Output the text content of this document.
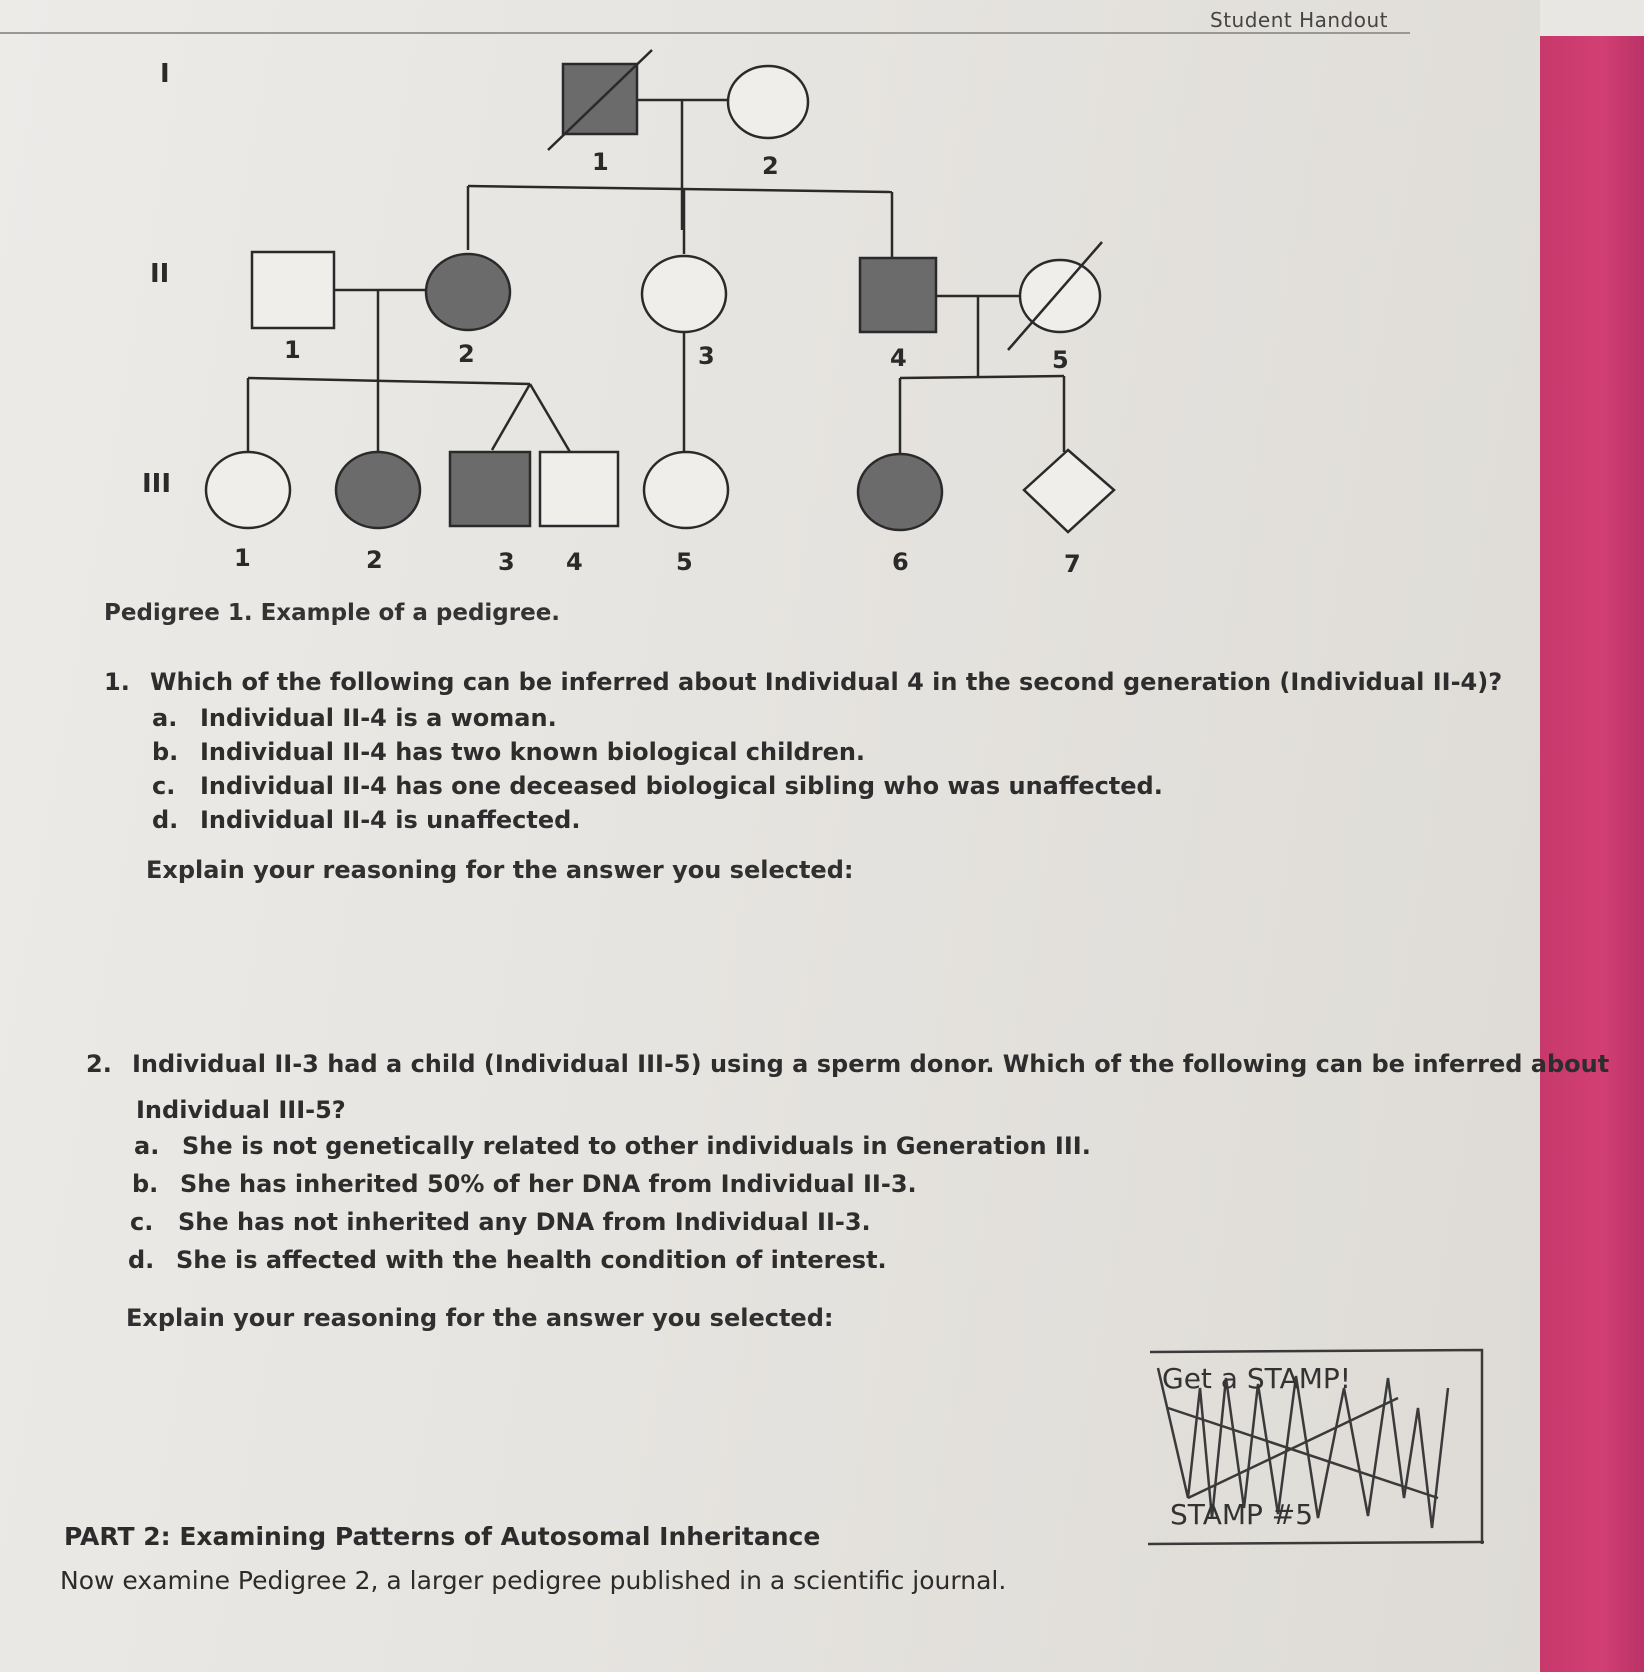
Student Handout
I
II
III
1	2
1	2	3	4	5
1	2	3 4	5	6	7
Pedigree 1. Example of a pedigree.
1. Which of the following can be inferred about Individual 4 in the second generation (Individual II-4)?
a. Individual II-4 is a woman.
b. Individual II-4 has two known biological children.
c. Individual II-4 has one deceased biological sibling who was unaffected.
d. Individual II-4 is unaffected.
Explain your reasoning for the answer you selected:
2. Individual II-3 had a child (Individual III-5) using a sperm donor. Which of the following can be inferred about
Individual III-5?
a. She is not genetically related to other individuals in Generation III.
b. She has inherited 50% of her DNA from Individual II-3.
c. She has not inherited any DNA from Individual II-3.
d. She is affected with the health condition of interest.
Explain your reasoning for the answer you selected:
PART 2: Examining Patterns of Autosomal Inheritance
Now examine Pedigree 2, a larger pedigree published in a scientific journal.
Get a STAMP!
STAMP #5
